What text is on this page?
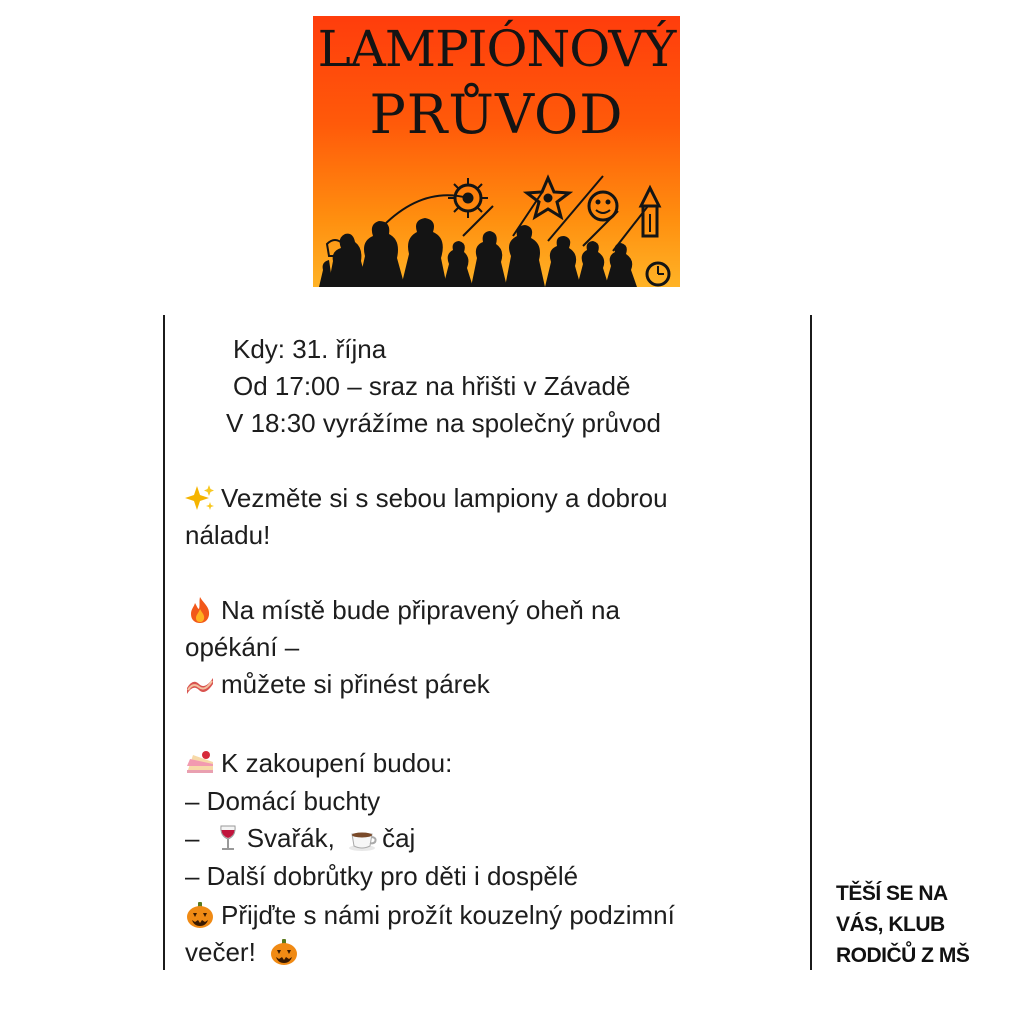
LAMPIÓNOVÝ
PRŮVOD
Kdy: 31. října
Od 17:00 – sraz na hřišti v Závadě
V 18:30 vyrážíme na společný průvod
Vezměte si s sebou lampiony a dobrou
náladu!
Na místě bude připravený oheň na
opékání –
můžete si přinést párek
K zakoupení budou:
– Domácí buchty
– Svařák, čaj
– Další dobrůtky pro děti i dospělé
Přijďte s námi prožít kouzelný podzimní
večer!
TĚŠÍ SE NA
VÁS, KLUB
RODIČŮ Z MŠ
